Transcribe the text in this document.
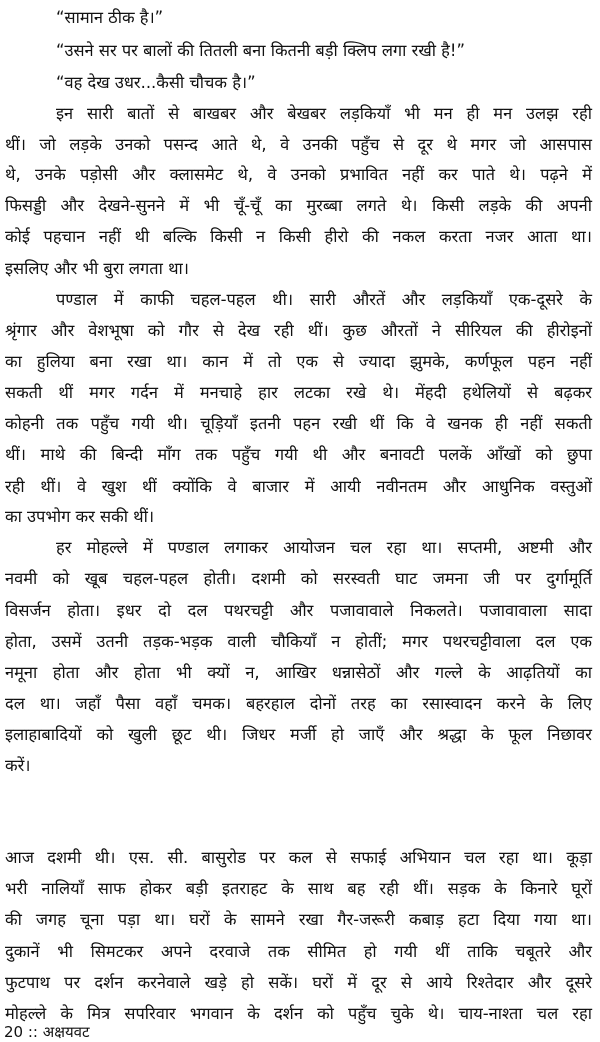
“सामान ठीक है।”
“उसने सर पर बालों की तितली बना कितनी बड़ी क्लिप लगा रखी है!”
“वह देख उधर...कैसी चौचक है।”
इन सारी बातों से बाखबर और बेखबर लड़कियाँ भी मन ही मन उलझ रही
थीं। जो लड़के उनको पसन्द आते थे, वे उनकी पहुँच से दूर थे मगर जो आसपास
थे, उनके पड़ोसी और क्लासमेट थे, वे उनको प्रभावित नहीं कर पाते थे। पढ़ने में
फिसड्डी और देखने-सुनने में भी चूँ-चूँ का मुरब्बा लगते थे। किसी लड़के की अपनी
कोई पहचान नहीं थी बल्कि किसी न किसी हीरो की नकल करता नजर आता था।
इसलिए और भी बुरा लगता था।
पण्डाल में काफी चहल-पहल थी। सारी औरतें और लड़कियाँ एक-दूसरे के
श्रृंगार और वेशभूषा को गौर से देख रही थीं। कुछ औरतों ने सीरियल की हीरोइनों
का हुलिया बना रखा था। कान में तो एक से ज्यादा झुमके, कर्णफूल पहन नहीं
सकती थीं मगर गर्दन में मनचाहे हार लटका रखे थे। मेंहदी हथेलियों से बढ़कर
कोहनी तक पहुँच गयी थी। चूड़ियाँ इतनी पहन रखी थीं कि वे खनक ही नहीं सकती
थीं। माथे की बिन्दी माँग तक पहुँच गयी थी और बनावटी पलकें आँखों को छुपा
रही थीं। वे खुश थीं क्योंकि वे बाजार में आयी नवीनतम और आधुनिक वस्तुओं
का उपभोग कर सकी थीं।
हर मोहल्ले में पण्डाल लगाकर आयोजन चल रहा था। सप्तमी, अष्टमी और
नवमी को खूब चहल-पहल होती। दशमी को सरस्वती घाट जमना जी पर दुर्गामूर्ति
विसर्जन होता। इधर दो दल पथरचट्टी और पजावावाले निकलते। पजावावाला सादा
होता, उसमें उतनी तड़क-भड़क वाली चौकियाँ न होतीं; मगर पथरचट्टीवाला दल एक
नमूना होता और होता भी क्यों न, आखिर धन्नासेठों और गल्ले के आढ़तियों का
दल था। जहाँ पैसा वहाँ चमक। बहरहाल दोनों तरह का रसास्वादन करने के लिए
इलाहाबादियों को खुली छूट थी। जिधर मर्जी हो जाएँ और श्रद्धा के फूल निछावर
करें।
आज दशमी थी। एस. सी. बासुरोड पर कल से सफाई अभियान चल रहा था। कूड़ा
भरी नालियाँ साफ होकर बड़ी इतराहट के साथ बह रही थीं। सड़क के किनारे घूरों
की जगह चूना पड़ा था। घरों के सामने रखा गैर-जरूरी कबाड़ हटा दिया गया था।
दुकानें भी सिमटकर अपने दरवाजे तक सीमित हो गयी थीं ताकि चबूतरे और
फुटपाथ पर दर्शन करनेवाले खड़े हो सकें। घरों में दूर से आये रिश्तेदार और दूसरे
मोहल्ले के मित्र सपरिवार भगवान के दर्शन को पहुँच चुके थे। चाय-नाश्ता चल रहा
20 :: अक्षयवट
